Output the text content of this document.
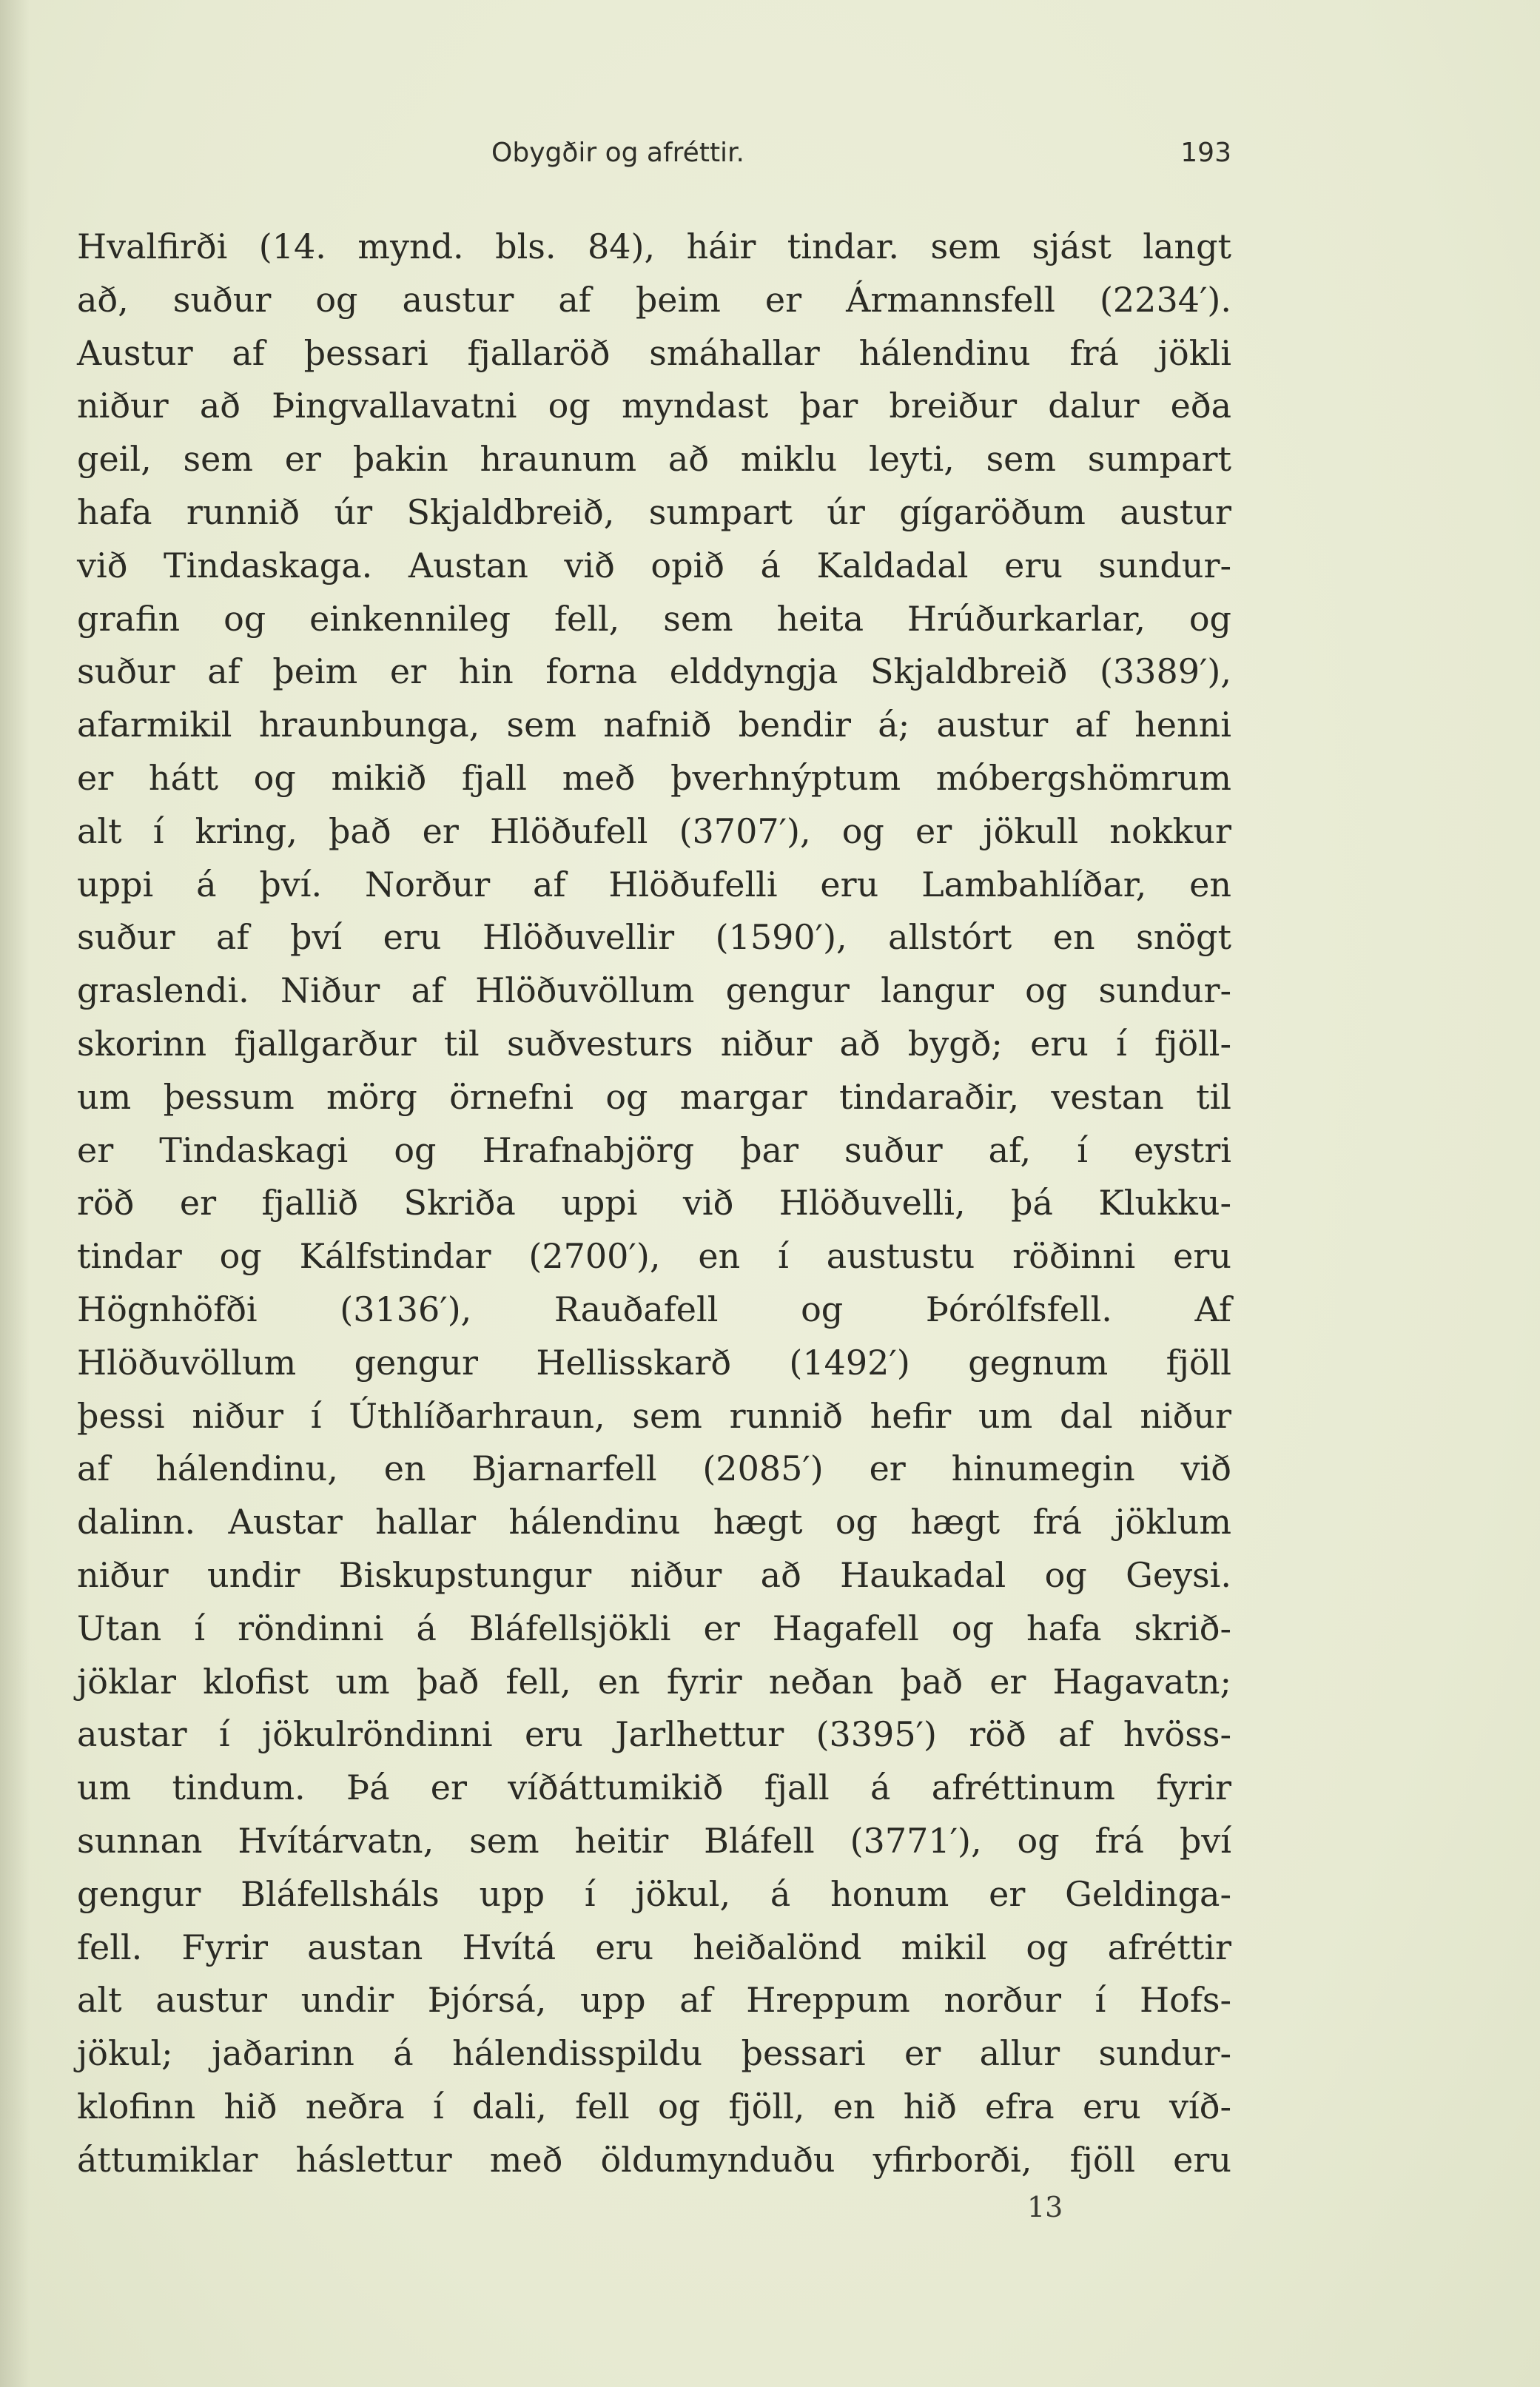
Obygðir og afréttir.	193
Hvalfirði (14. mynd. bls. 84), háir tindar. sem sjást langt
að, suður og austur af þeim er Ármannsfell (2234′).
Austur af þessari fjallaröð smáhallar hálendinu frá jökli
niður að Þingvallavatni og myndast þar breiður dalur eða
geil, sem er þakin hraunum að miklu leyti, sem sumpart
hafa runnið úr Skjaldbreið, sumpart úr gígaröðum austur
við Tindaskaga. Austan við opið á Kaldadal eru sundur-
grafin og einkennileg fell, sem heita Hrúðurkarlar, og
suður af þeim er hin forna elddyngja Skjaldbreið (3389′),
afarmikil hraunbunga, sem nafnið bendir á; austur af henni
er hátt og mikið fjall með þverhnýptum móbergshömrum
alt í kring, það er Hlöðufell (3707′), og er jökull nokkur
uppi á því. Norður af Hlöðufelli eru Lambahlíðar, en
suður af því eru Hlöðuvellir (1590′), allstórt en snögt
graslendi. Niður af Hlöðuvöllum gengur langur og sundur-
skorinn fjallgarður til suðvesturs niður að bygð; eru í fjöll-
um þessum mörg örnefni og margar tindaraðir, vestan til
er Tindaskagi og Hrafnabjörg þar suður af, í eystri
röð er fjallið Skriða uppi við Hlöðuvelli, þá Klukku-
tindar og Kálfstindar (2700′), en í austustu röðinni eru
Högnhöfði (3136′), Rauðafell og Þórólfsfell. Af
Hlöðuvöllum gengur Hellisskarð (1492′) gegnum fjöll
þessi niður í Úthlíðarhraun, sem runnið hefir um dal niður
af hálendinu, en Bjarnarfell (2085′) er hinumegin við
dalinn. Austar hallar hálendinu hægt og hægt frá jöklum
niður undir Biskupstungur niður að Haukadal og Geysi.
Utan í röndinni á Bláfellsjökli er Hagafell og hafa skrið-
jöklar klofist um það fell, en fyrir neðan það er Hagavatn;
austar í jökulröndinni eru Jarlhettur (3395′) röð af hvöss-
um tindum. Þá er víðáttumikið fjall á afréttinum fyrir
sunnan Hvítárvatn, sem heitir Bláfell (3771′), og frá því
gengur Bláfellsháls upp í jökul, á honum er Geldinga-
fell. Fyrir austan Hvítá eru heiðalönd mikil og afréttir
alt austur undir Þjórsá, upp af Hreppum norður í Hofs-
jökul; jaðarinn á hálendisspildu þessari er allur sundur-
klofinn hið neðra í dali, fell og fjöll, en hið efra eru víð-
áttumiklar háslettur með öldumynduðu yfirborði, fjöll eru
13
